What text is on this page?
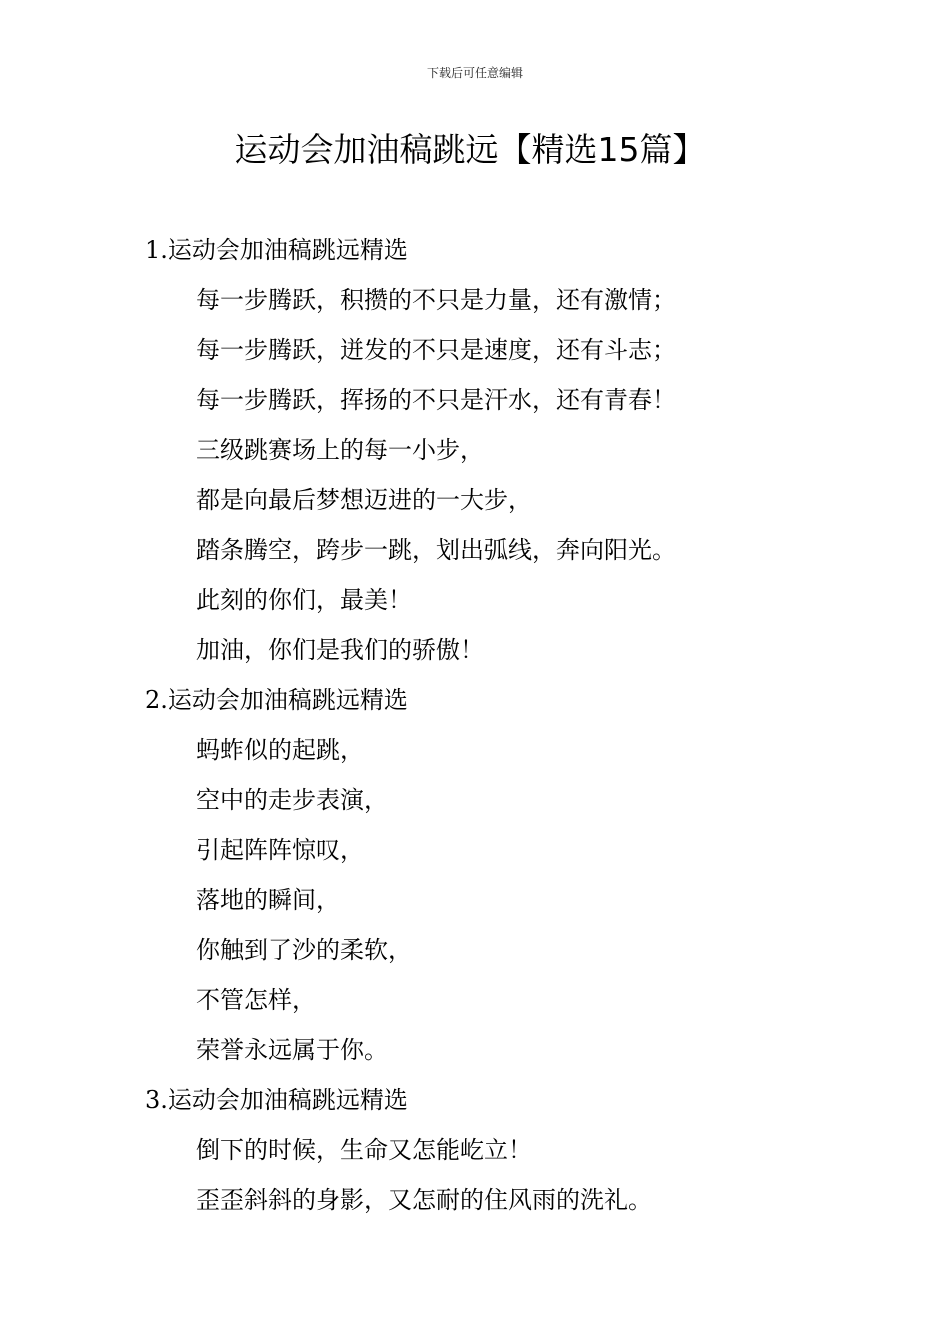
下载后可任意编辑
运动会加油稿跳远【精选15篇】
1.运动会加油稿跳远精选

每一步腾跃，积攒的不只是力量，还有激情；

每一步腾跃，迸发的不只是速度，还有斗志；

每一步腾跃，挥扬的不只是汗水，还有青春！

三级跳赛场上的每一小步，

都是向最后梦想迈进的一大步，

踏条腾空，跨步一跳，划出弧线，奔向阳光。

此刻的你们，最美！

加油，你们是我们的骄傲！

2.运动会加油稿跳远精选

蚂蚱似的起跳，

空中的走步表演，

引起阵阵惊叹，

落地的瞬间，

你触到了沙的柔软，

不管怎样，

荣誉永远属于你。

3.运动会加油稿跳远精选

倒下的时候，生命又怎能屹立！

歪歪斜斜的身影，又怎耐的住风雨的洗礼。
